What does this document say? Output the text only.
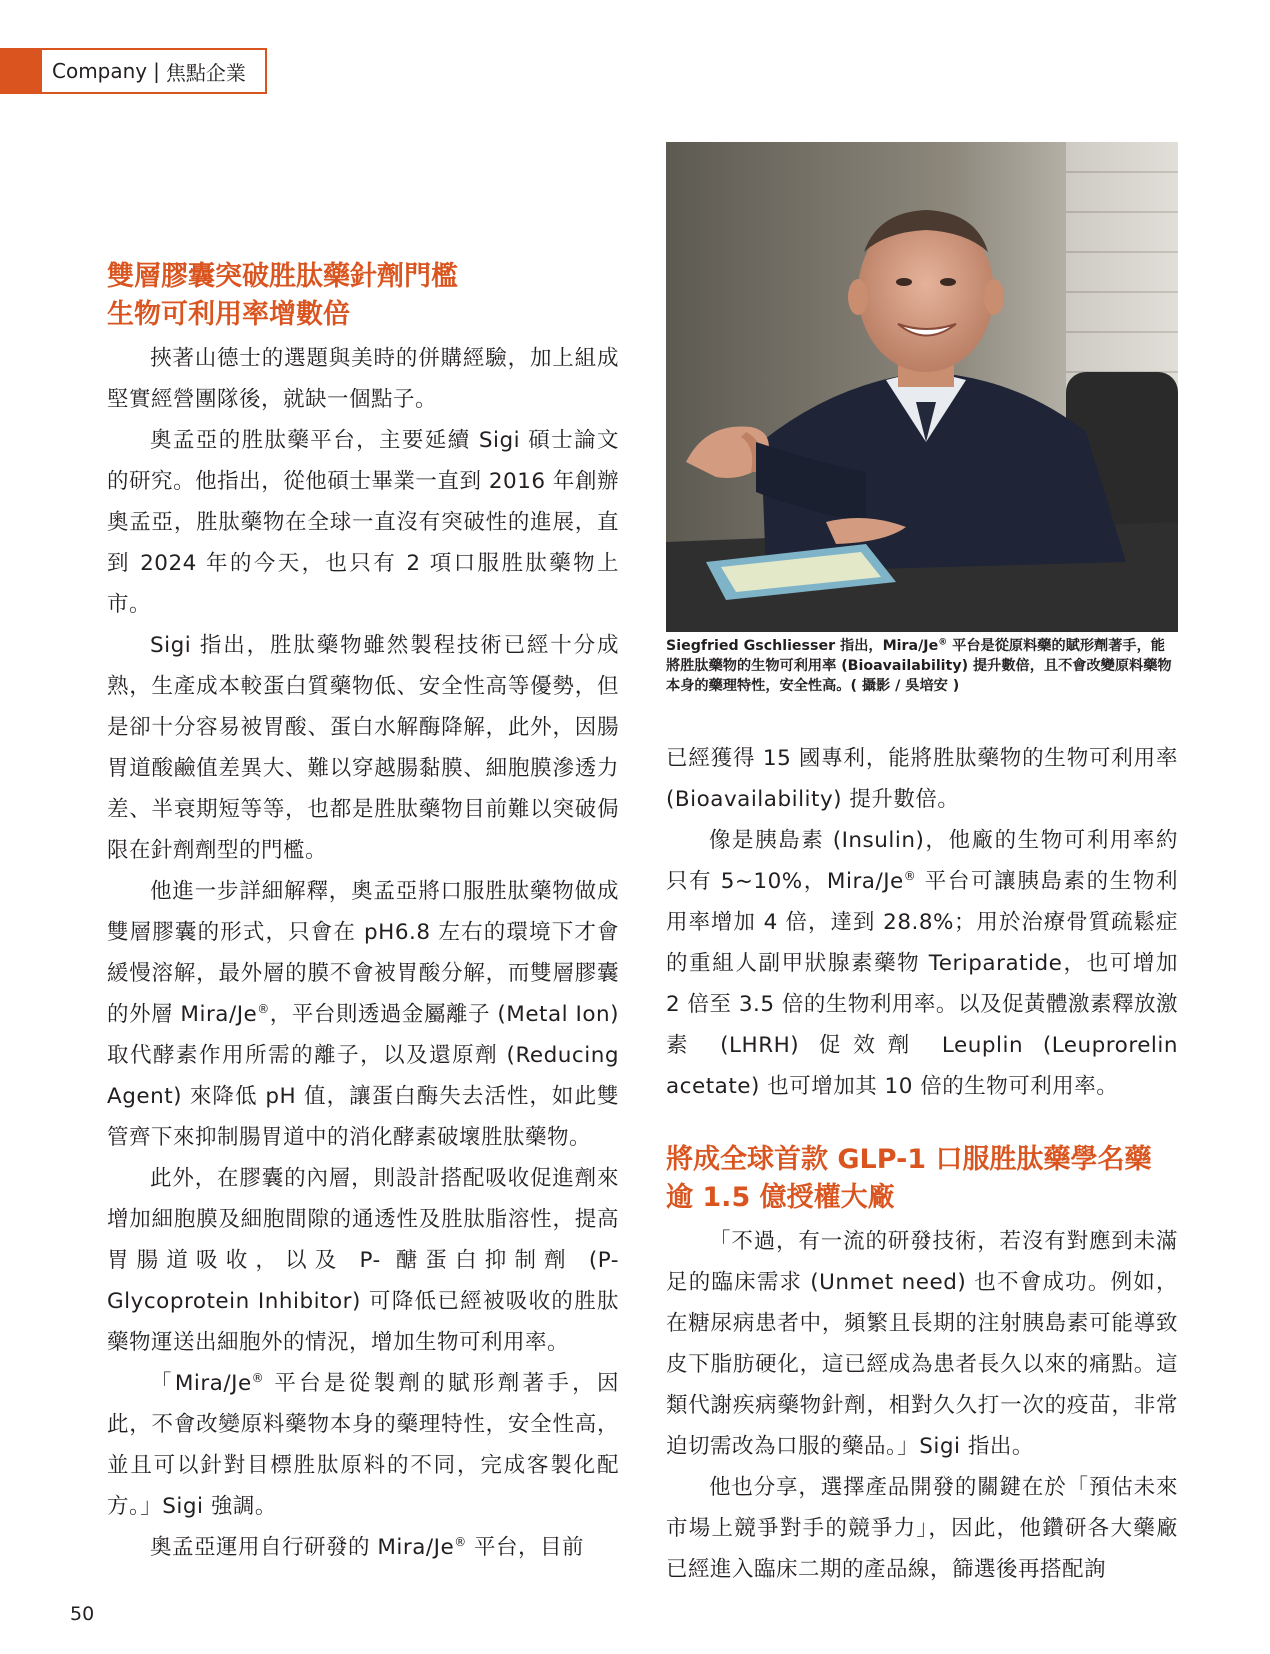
Company | 焦點企業
雙層膠囊突破胜肽藥針劑門檻
生物可利用率增數倍

挾著山德士的選題與美時的併購經驗，加上組成堅實經營團隊後，就缺一個點子。

奧孟亞的胜肽藥平台，主要延續 Sigi 碩士論文的研究。他指出，從他碩士畢業一直到 2016 年創辦奧孟亞，胜肽藥物在全球一直沒有突破性的進展，直到 2024 年的今天，也只有 2 項口服胜肽藥物上市。

Sigi 指出，胜肽藥物雖然製程技術已經十分成熟，生產成本較蛋白質藥物低、安全性高等優勢，但是卻十分容易被胃酸、蛋白水解酶降解，此外，因腸胃道酸鹼值差異大、難以穿越腸黏膜、細胞膜滲透力差、半衰期短等等，也都是胜肽藥物目前難以突破侷限在針劑劑型的門檻。

他進一步詳細解釋，奧孟亞將口服胜肽藥物做成雙層膠囊的形式，只會在 pH6.8 左右的環境下才會緩慢溶解，最外層的膜不會被胃酸分解，而雙層膠囊的外層 Mira/Je®，平台則透過金屬離子 (Metal Ion) 取代酵素作用所需的離子，以及還原劑 (Reducing Agent) 來降低 pH 值，讓蛋白酶失去活性，如此雙管齊下來抑制腸胃道中的消化酵素破壞胜肽藥物。

此外，在膠囊的內層，則設計搭配吸收促進劑來增加細胞膜及細胞間隙的通透性及胜肽脂溶性，提高胃腸道吸收，以及 P- 醣蛋白抑制劑 (P-Glycoprotein Inhibitor) 可降低已經被吸收的胜肽藥物運送出細胞外的情況，增加生物可利用率。

「Mira/Je® 平台是從製劑的賦形劑著手，因此，不會改變原料藥物本身的藥理特性，安全性高，並且可以針對目標胜肽原料的不同，完成客製化配方。」Sigi 強調。

奧孟亞運用自行研發的 Mira/Je® 平台，目前

Siegfried Gschliesser 指出，Mira/Je® 平台是從原料藥的賦形劑著手，能將胜肽藥物的生物可利用率 (Bioavailability) 提升數倍，且不會改變原料藥物本身的藥理特性，安全性高。( 攝影 / 吳培安 )

已經獲得 15 國專利，能將胜肽藥物的生物可利用率 (Bioavailability) 提升數倍。

像是胰島素 (Insulin)，他廠的生物可利用率約只有 5~10%，Mira/Je® 平台可讓胰島素的生物利用率增加 4 倍，達到 28.8%；用於治療骨質疏鬆症的重組人副甲狀腺素藥物 Teriparatide，也可增加 2 倍至 3.5 倍的生物利用率。以及促黃體激素釋放激素 (LHRH) 促效劑 Leuplin (Leuprorelin acetate) 也可增加其 10 倍的生物可利用率。

將成全球首款 GLP-1 口服胜肽藥學名藥
逾 1.5 億授權大廠

「不過，有一流的研發技術，若沒有對應到未滿足的臨床需求 (Unmet need) 也不會成功。例如，在糖尿病患者中，頻繁且長期的注射胰島素可能導致皮下脂肪硬化，這已經成為患者長久以來的痛點。這類代謝疾病藥物針劑，相對久久打一次的疫苗，非常迫切需改為口服的藥品。」Sigi 指出。

他也分享，選擇產品開發的關鍵在於「預估未來市場上競爭對手的競爭力」，因此，他鑽研各大藥廠已經進入臨床二期的產品線，篩選後再搭配詢

50
